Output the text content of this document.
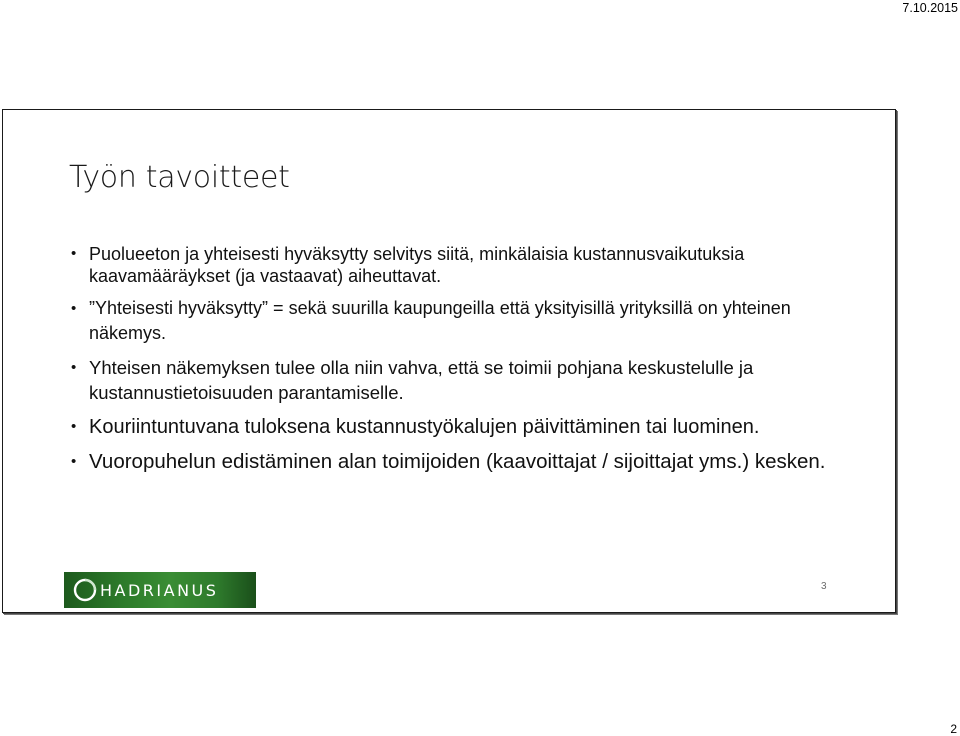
7.10.2015
Työn tavoitteet
• Puolueeton ja yhteisesti hyväksytty selvitys siitä, minkälaisia kustannusvaikutuksia kaavamääräykset (ja vastaavat) aiheuttavat.
• ”Yhteisesti hyväksytty” = sekä suurilla kaupungeilla että yksityisillä yrityksillä on yhteinen näkemys.
• Yhteisen näkemyksen tulee olla niin vahva, että se toimii pohjana keskustelulle ja kustannustietoisuuden parantamiselle.
• Kouriintuntuvana tuloksena kustannustyökalujen päivittäminen tai luominen.
• Vuoropuhelun edistäminen alan toimijoiden (kaavoittajat / sijoittajat yms.) kesken.
HADRIANUS	3
2
